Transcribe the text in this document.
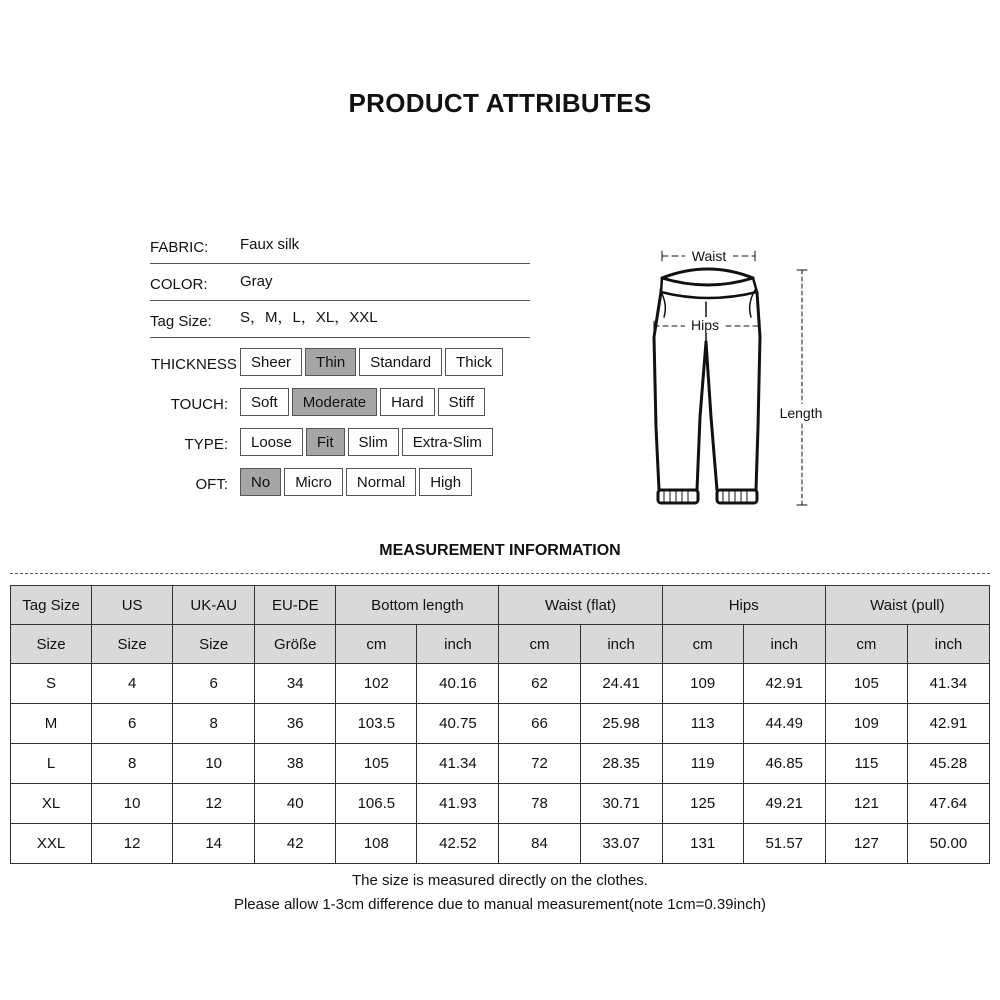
PRODUCT ATTRIBUTES
FABRIC: Faux silk
COLOR: Gray
Tag Size: S，M，L，XL，XXL
THICKNESS Sheer	Thin	Standard	Thick
TOUCH:	Soft	Moderate	Hard	Stiff
TYPE:	Loose	Fit	Slim	Extra-Slim
OFT:	No	Micro	Normal	High
Waist
Hips
Length
MEASUREMENT INFORMATION
Tag Size	US	UK-AU	EU-DE	Bottom length		Waist (flat)		Hips		Waist (pull)	
Size	Size	Size	Größe	cm	inch	cm	inch	cm	inch	cm	inch
S	4	6	34	102	40.16	62	24.41	109	42.91	105	41.34
M	6	8	36	103.5	40.75	66	25.98	113	44.49	109	42.91
L	8	10	38	105	41.34	72	28.35	119	46.85	115	45.28
XL	10	12	40	106.5	41.93	78	30.71	125	49.21	121	47.64
XXL	12	14	42	108	42.52	84	33.07	131	51.57	127	50.00
The size is measured directly on the clothes.
Please allow 1-3cm difference due to manual measurement(note 1cm=0.39inch)
